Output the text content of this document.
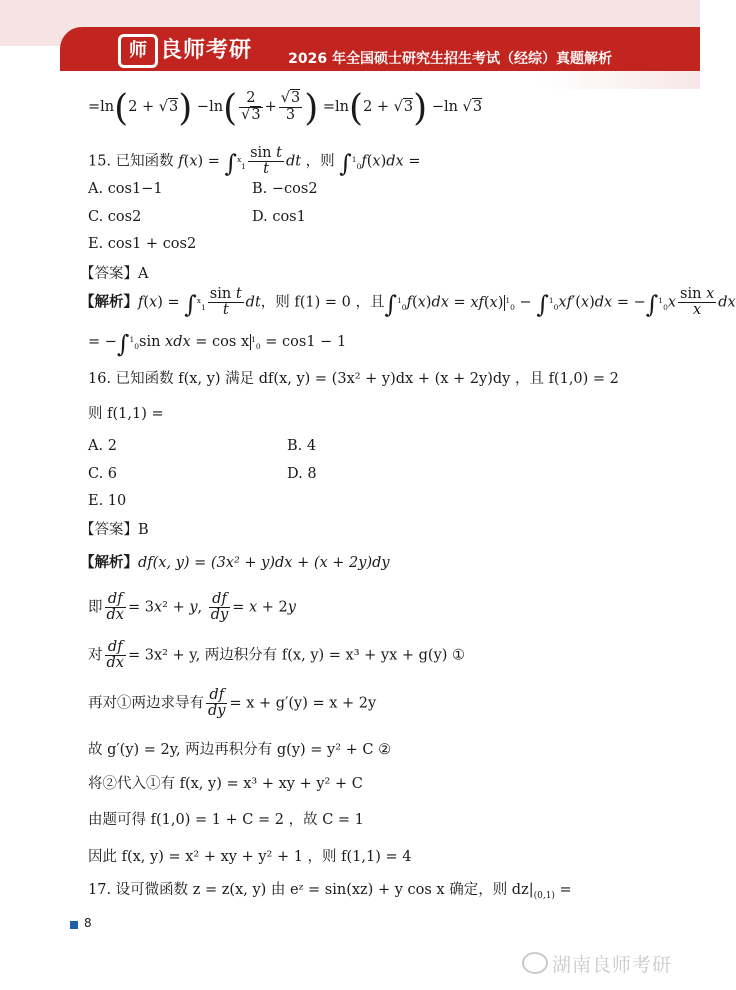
师 良师考研	2026 年全国硕士研究生招生考试（经综）真题解析
$=\ln(2 + √3) -\ln( \frac{2}{√3} + \frac{√3}{3}$ ) =ln(2 + √3) −ln √3
15. 已知函数 $f(x) = \int^x_1 \frac{\text{sin t}}{t}$ dt ，则 ∫$^1_0$f(x)dx =
A. cos1−1	B. −cos2
C. cos2	D. cos1
E. cos1 + cos2
【答案】A
【解析】$f(x) = \int^x_1 \frac{\text{sin t}}{t}$ dt，则 f(1) = 0 ，且∫$^1_0$f(x)dx = xf(x) $^1_0 - \int^1_0xf'(x)dx = -\int^1_0x \frac{\text{sin x}}{x}$ dx
= −∫$^1_0$sin xdx = cos x $^1_0$ = cos1 − 1
16. 已知函数 f(x, y) 满足 df(x, y) = (3x² + y)dx + (x + 2y)dy ，且 f(1,0) = 2
则 f(1,1) =
A. 2	B. 4
C. 6	D. 8
E. 10
【答案】B
【解析】df(x, y) = (3x² + y)dx + (x + 2y)dy
即 $\frac{df}{dx} = 3x^2 + y$, $\frac{df}{dy} = x + 2y$
对 $\frac{df}{dx} = 3x^2 + y$, 两边积分有 f(x, y) = x³ + yx + g(y) ①
再对①两边求导有 $\frac{df}{dy} = x + g'(y) = x + 2y$
故 g′(y) = 2y, 两边再积分有 g(y) = y² + C ②
将②代入①有 f(x, y) = x³ + xy + y² + C
由题可得 f(1,0) = 1 + C = 2 ，故 C = 1
因此 f(x, y) = x² + xy + y² + 1 ，则 f(1,1) = 4
17. 设可微函数 z = z(x, y) 由 eᶻ = sin(xz) + y cos x 确定，则 $dz|_{(0,1)}$ =
8
湖南良师考研
